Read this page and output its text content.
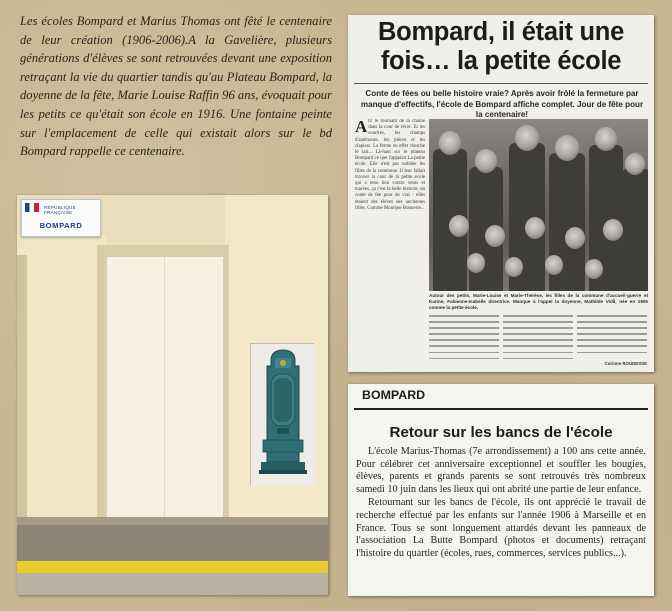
Les écoles Bompard et Marius Thomas ont fêté le centenaire de leur création (1906-2006).A la Gavelière, plusieurs générations d'élèves se sont retrouvées devant une exposition retraçant la vie du quartier tandis qu'au Plateau Bompard, la doyenne de la fête, Marie Louise Raffin 96 ans, évoquait pour les petits ce qu'était son école en 1916. Une fontaine peinte sur l'emplacement de celle qui existait alors sur le bd Bompard rappelle ce centenaire.

RÉPUBLIQUE FRANÇAISE
BOMPARD
Bompard, il était une fois… la petite école

Conte de fées ou belle histoire vraie? Après avoir frôlé la fermeture par manque d'effectifs, l'école de Bompard affiche complet. Jour de fête pour la centenaire!

A h! le tournant de la chaîne dans la cour de récré. Et les sourires, les champs d'anémones, les pièces et les clapiers. La ferme en effet cherche le lait... Là-haut sur le plateau Bompard ce que l'appelait La petite école. Elle n'est pas oubliée les filles de la commune. Il leur fallait trouver la cour de la petite école qui a tenu bon contre vents et marées, ça c'est la belle histoire, un conte de fée pour de vrai : elles étaient des élèves des anciennes filles. Comme Monique Bonnerie...

Autour des petits, Marie-Louise et Marie-Thérèse, les filles de la commune d'accueil-guerre et Karine, Fabienne-Isabelle directrice. Manque à l'appel la doyenne, Mathilde Vidil, née en 1906 comme la petite école.

Corinne ROUDESSE
BOMPARD
Retour sur les bancs de l'école

L'école Marius-Thomas (7e arrondissement) a 100 ans cette année. Pour célébrer cet anniversaire exceptionnel et souffler les bougies, élèves, parents et grands parents se sont retrouvés très nombreux samedi 10 juin dans les lieux qui ont abrité une partie de leur enfance.

Retournant sur les bancs de l'école, ils ont apprécié le travail de recherche effectué par les enfants sur l'année 1906 à Marseille et en France. Tous se sont longuement attardés devant les panneaux de l'association La Butte Bompard (photos et documents) retraçant l'histoire du quartier (écoles, rues, commerces, services publics...).
